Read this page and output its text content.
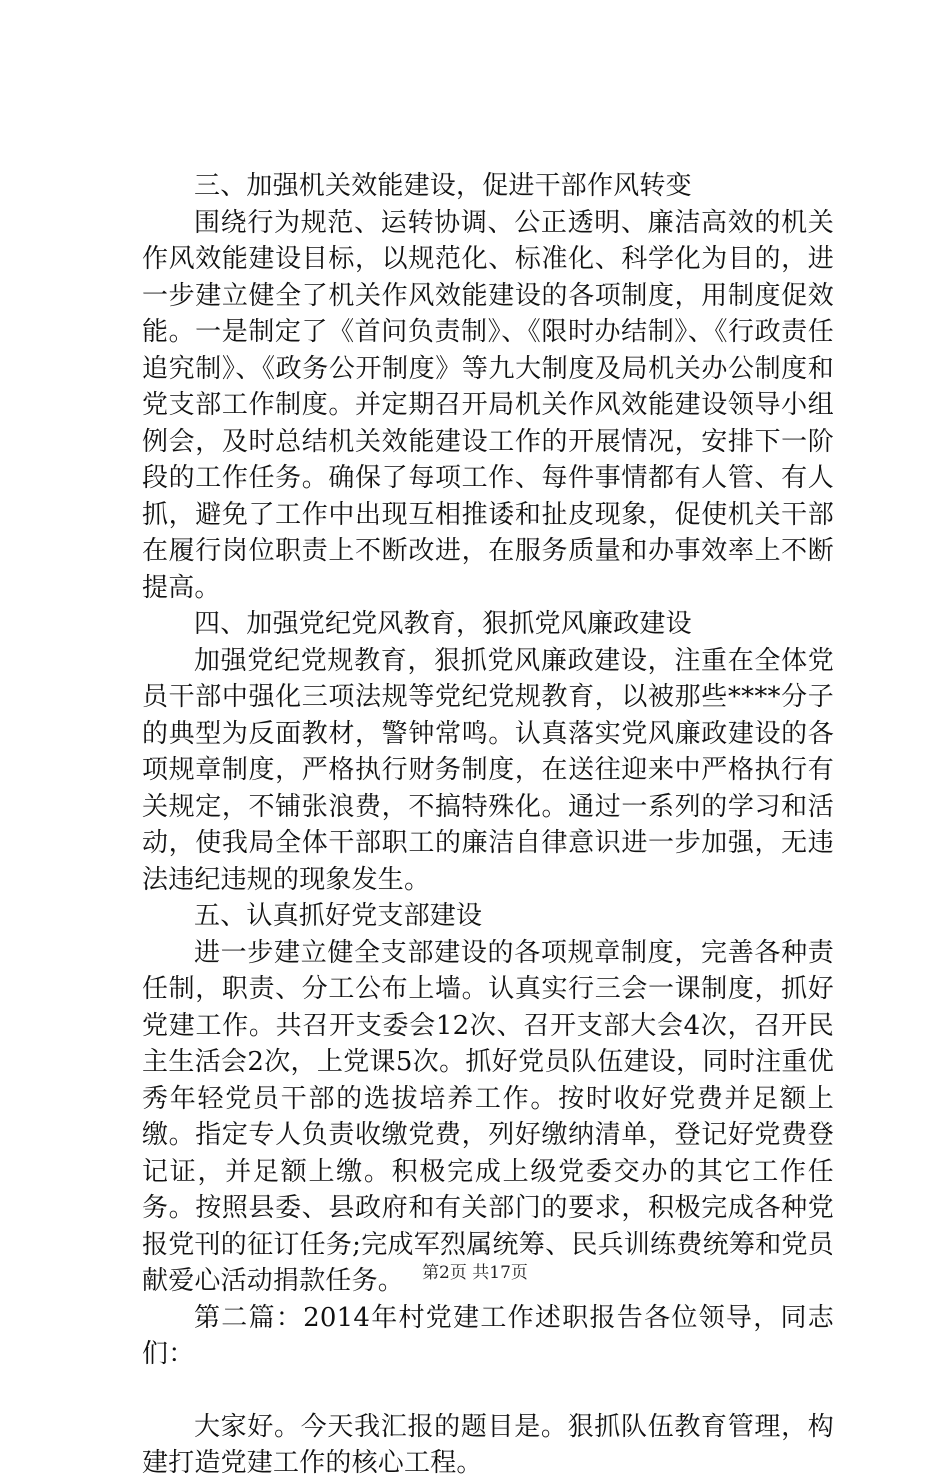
三、加强机关效能建设，促进干部作风转变

围绕行为规范、运转协调、公正透明、廉洁高效的机关作风效能建设目标，以规范化、标准化、科学化为目的，进一步建立健全了机关作风效能建设的各项制度，用制度促效能。一是制定了《首问负责制》、《限时办结制》、《行政责任追究制》、《政务公开制度》等九大制度及局机关办公制度和党支部工作制度。并定期召开局机关作风效能建设领导小组例会，及时总结机关效能建设工作的开展情况，安排下一阶段的工作任务。确保了每项工作、每件事情都有人管、有人抓，避免了工作中出现互相推诿和扯皮现象，促使机关干部在履行岗位职责上不断改进，在服务质量和办事效率上不断提高。

四、加强党纪党风教育，狠抓党风廉政建设

加强党纪党规教育，狠抓党风廉政建设，注重在全体党员干部中强化三项法规等党纪党规教育，以被那些****分子的典型为反面教材，警钟常鸣。认真落实党风廉政建设的各项规章制度，严格执行财务制度，在送往迎来中严格执行有关规定，不铺张浪费，不搞特殊化。通过一系列的学习和活动，使我局全体干部职工的廉洁自律意识进一步加强，无违法违纪违规的现象发生。

五、认真抓好党支部建设

进一步建立健全支部建设的各项规章制度，完善各种责任制，职责、分工公布上墙。认真实行三会一课制度，抓好党建工作。共召开支委会12次、召开支部大会4次，召开民主生活会2次，上党课5次。抓好党员队伍建设，同时注重优秀年轻党员干部的选拔培养工作。按时收好党费并足额上缴。指定专人负责收缴党费，列好缴纳清单，登记好党费登记证，并足额上缴。积极完成上级党委交办的其它工作任务。按照县委、县政府和有关部门的要求，积极完成各种党报党刊的征订任务;完成军烈属统筹、民兵训练费统筹和党员献爱心活动捐款任务。

第二篇：2014年村党建工作述职报告各位领导，同志们：

大家好。今天我汇报的题目是。狠抓队伍教育管理，构建打造党建工作的核心工程。

第2页 共17页
